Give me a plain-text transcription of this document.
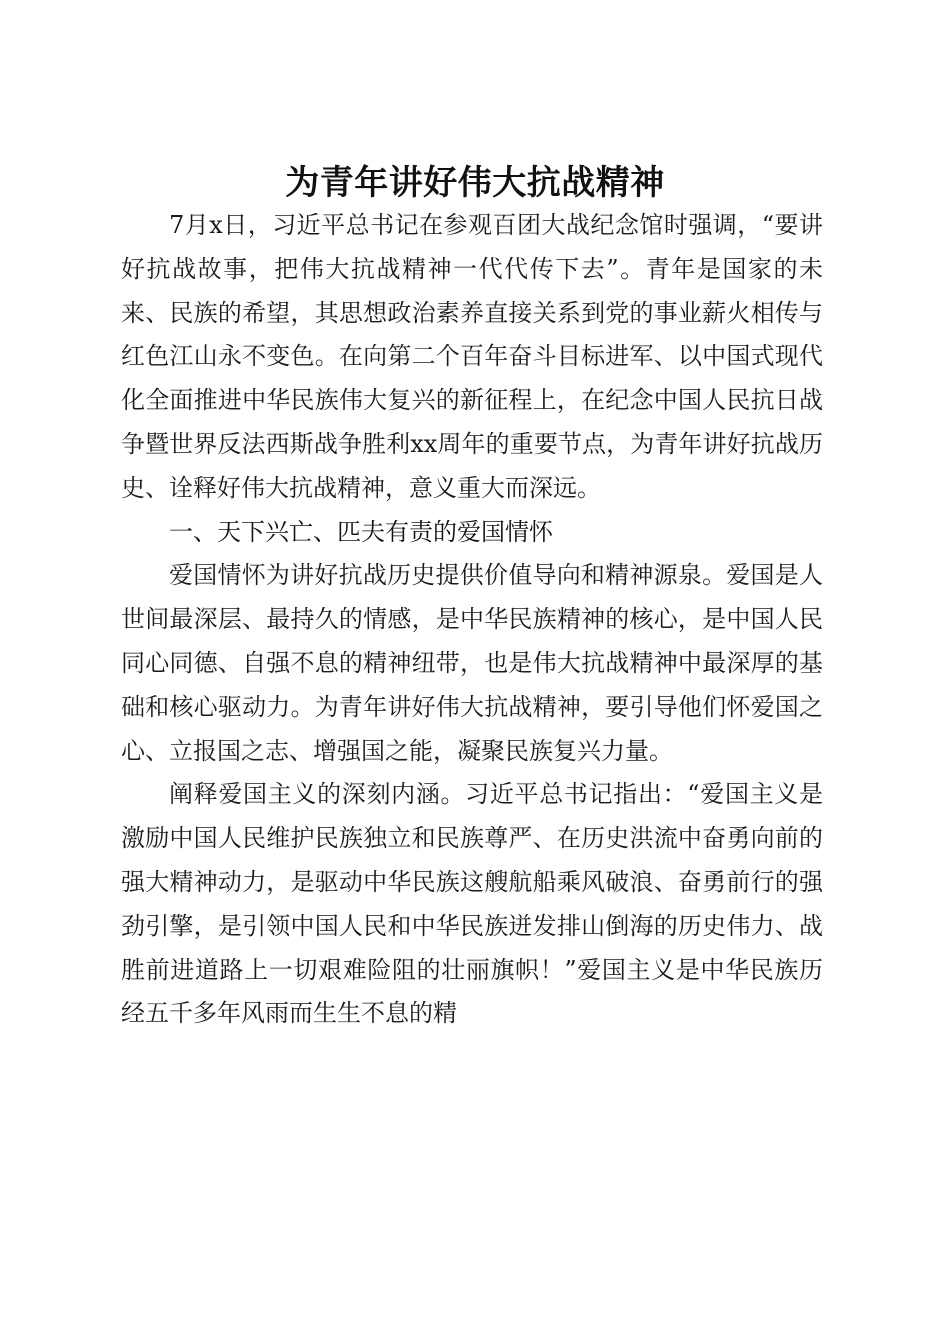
为青年讲好伟大抗战精神

7月x日，习近平总书记在参观百团大战纪念馆时强调，“要讲好抗战故事，把伟大抗战精神一代代传下去”。青年是国家的未来、民族的希望，其思想政治素养直接关系到党的事业薪火相传与红色江山永不变色。在向第二个百年奋斗目标进军、以中国式现代化全面推进中华民族伟大复兴的新征程上，在纪念中国人民抗日战争暨世界反法西斯战争胜利xx周年的重要节点，为青年讲好抗战历史、诠释好伟大抗战精神，意义重大而深远。

一、天下兴亡、匹夫有责的爱国情怀

爱国情怀为讲好抗战历史提供价值导向和精神源泉。爱国是人世间最深层、最持久的情感，是中华民族精神的核心，是中国人民同心同德、自强不息的精神纽带，也是伟大抗战精神中最深厚的基础和核心驱动力。为青年讲好伟大抗战精神，要引导他们怀爱国之心、立报国之志、增强国之能，凝聚民族复兴力量。

阐释爱国主义的深刻内涵。习近平总书记指出：“爱国主义是激励中国人民维护民族独立和民族尊严、在历史洪流中奋勇向前的强大精神动力，是驱动中华民族这艘航船乘风破浪、奋勇前行的强劲引擎，是引领中国人民和中华民族迸发排山倒海的历史伟力、战胜前进道路上一切艰难险阻的壮丽旗帜！”爱国主义是中华民族历经五千多年风雨而生生不息的精
